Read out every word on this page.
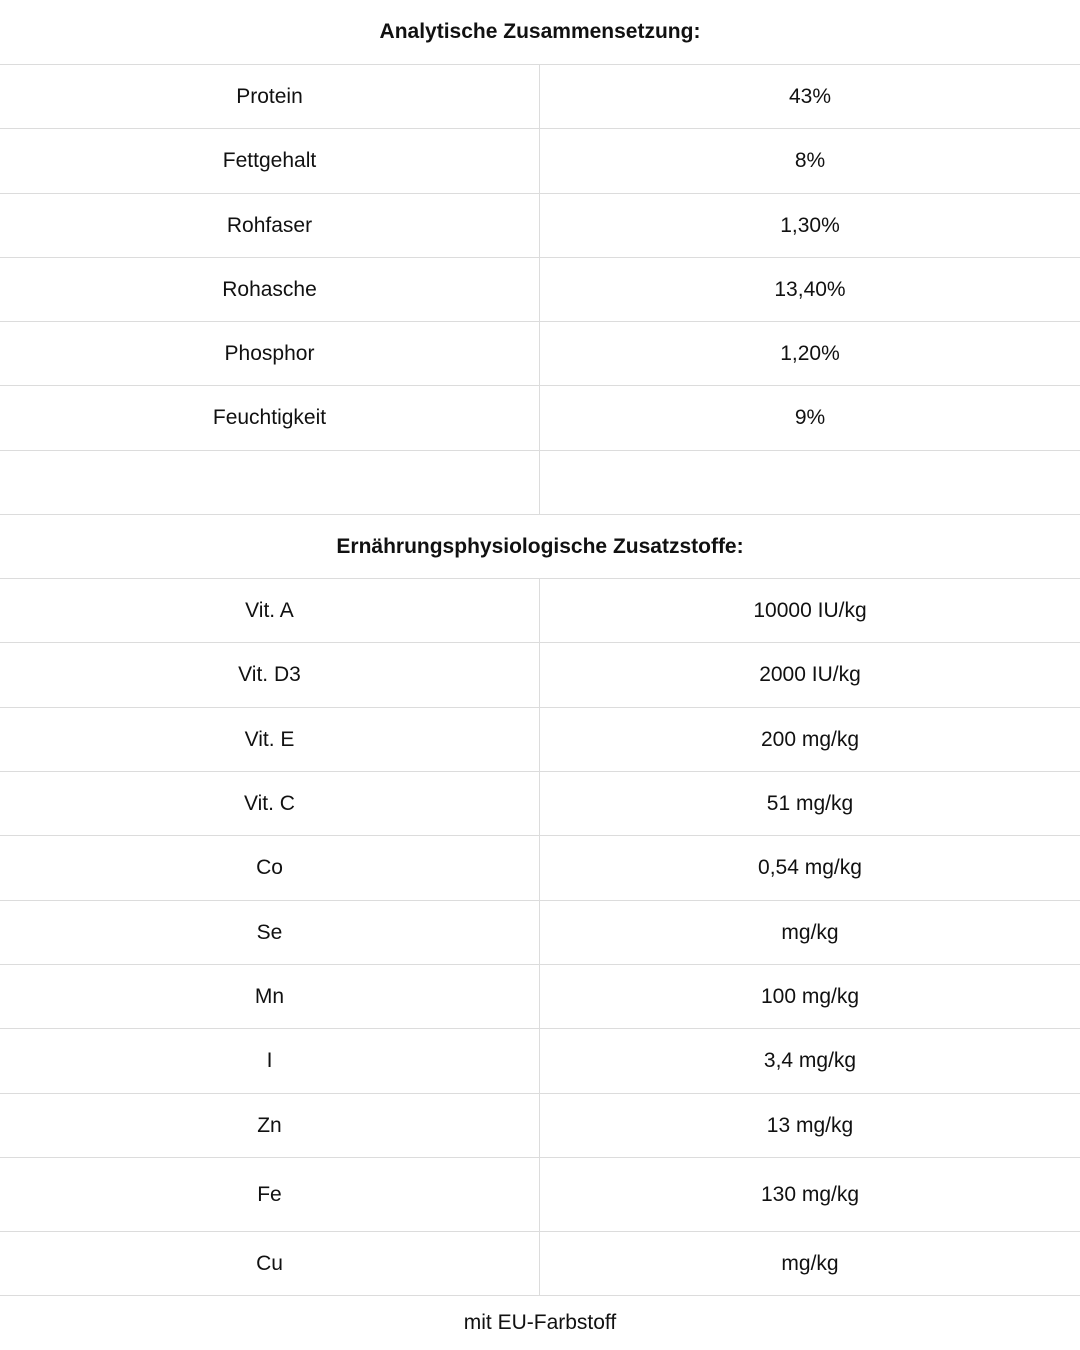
Analytische Zusammensetzung:
Protein	43%
Fettgehalt	8%
Rohfaser	1,30%
Rohasche	13,40%
Phosphor	1,20%
Feuchtigkeit	9%
Ernährungsphysiologische Zusatzstoffe:
Vit. A	10000 IU/kg
Vit. D3	2000 IU/kg
Vit. E	200 mg/kg
Vit. C	51 mg/kg
Co	0,54 mg/kg
Se	mg/kg
Mn	100 mg/kg
I	3,4 mg/kg
Zn	13 mg/kg
Fe	130 mg/kg
Cu	mg/kg
mit EU-Farbstoff
